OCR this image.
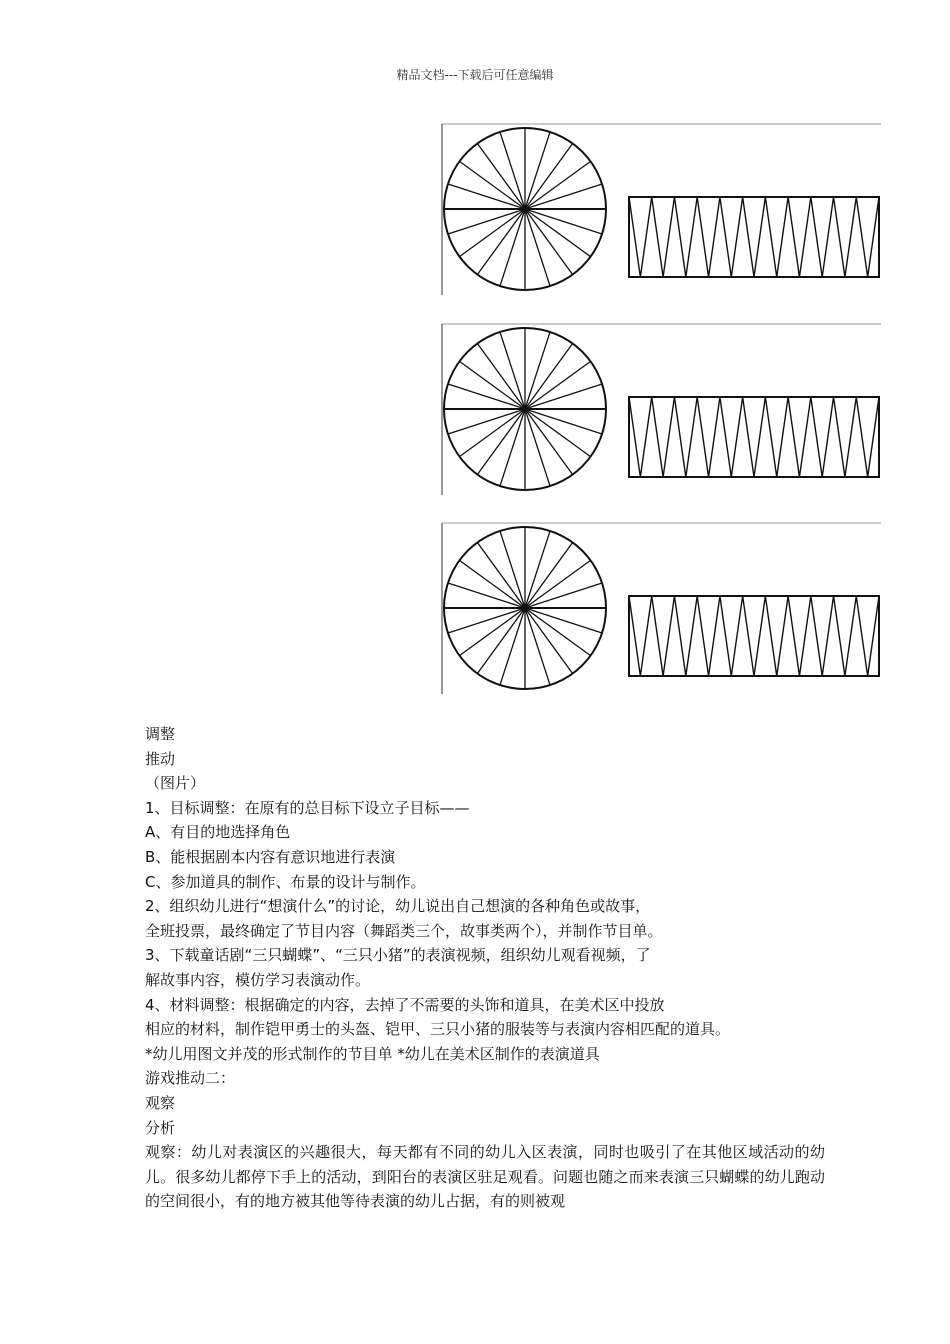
精品文档---下载后可任意编辑

调整

推动

（图片）

1、目标调整：在原有的总目标下设立子目标——

A、有目的地选择角色

B、能根据剧本内容有意识地进行表演

C、参加道具的制作、布景的设计与制作。

2、组织幼儿进行“想演什么”的讨论，幼儿说出自己想演的各种角色或故事，

全班投票，最终确定了节目内容（舞蹈类三个，故事类两个），并制作节目单。

3、下载童话剧“三只蝴蝶”、“三只小猪”的表演视频，组织幼儿观看视频，了

解故事内容，模仿学习表演动作。

4、材料调整：根据确定的内容，去掉了不需要的头饰和道具，在美术区中投放

相应的材料，制作铠甲勇士的头盔、铠甲、三只小猪的服装等与表演内容相匹配的道具。

*幼儿用图文并茂的形式制作的节目单 *幼儿在美术区制作的表演道具

游戏推动二：

观察

分析

观察：幼儿对表演区的兴趣很大，每天都有不同的幼儿入区表演，同时也吸引了在其他区域活动的幼儿。很多幼儿都停下手上的活动，到阳台的表演区驻足观看。问题也随之而来表演三只蝴蝶的幼儿跑动的空间很小，有的地方被其他等待表演的幼儿占据，有的则被观
